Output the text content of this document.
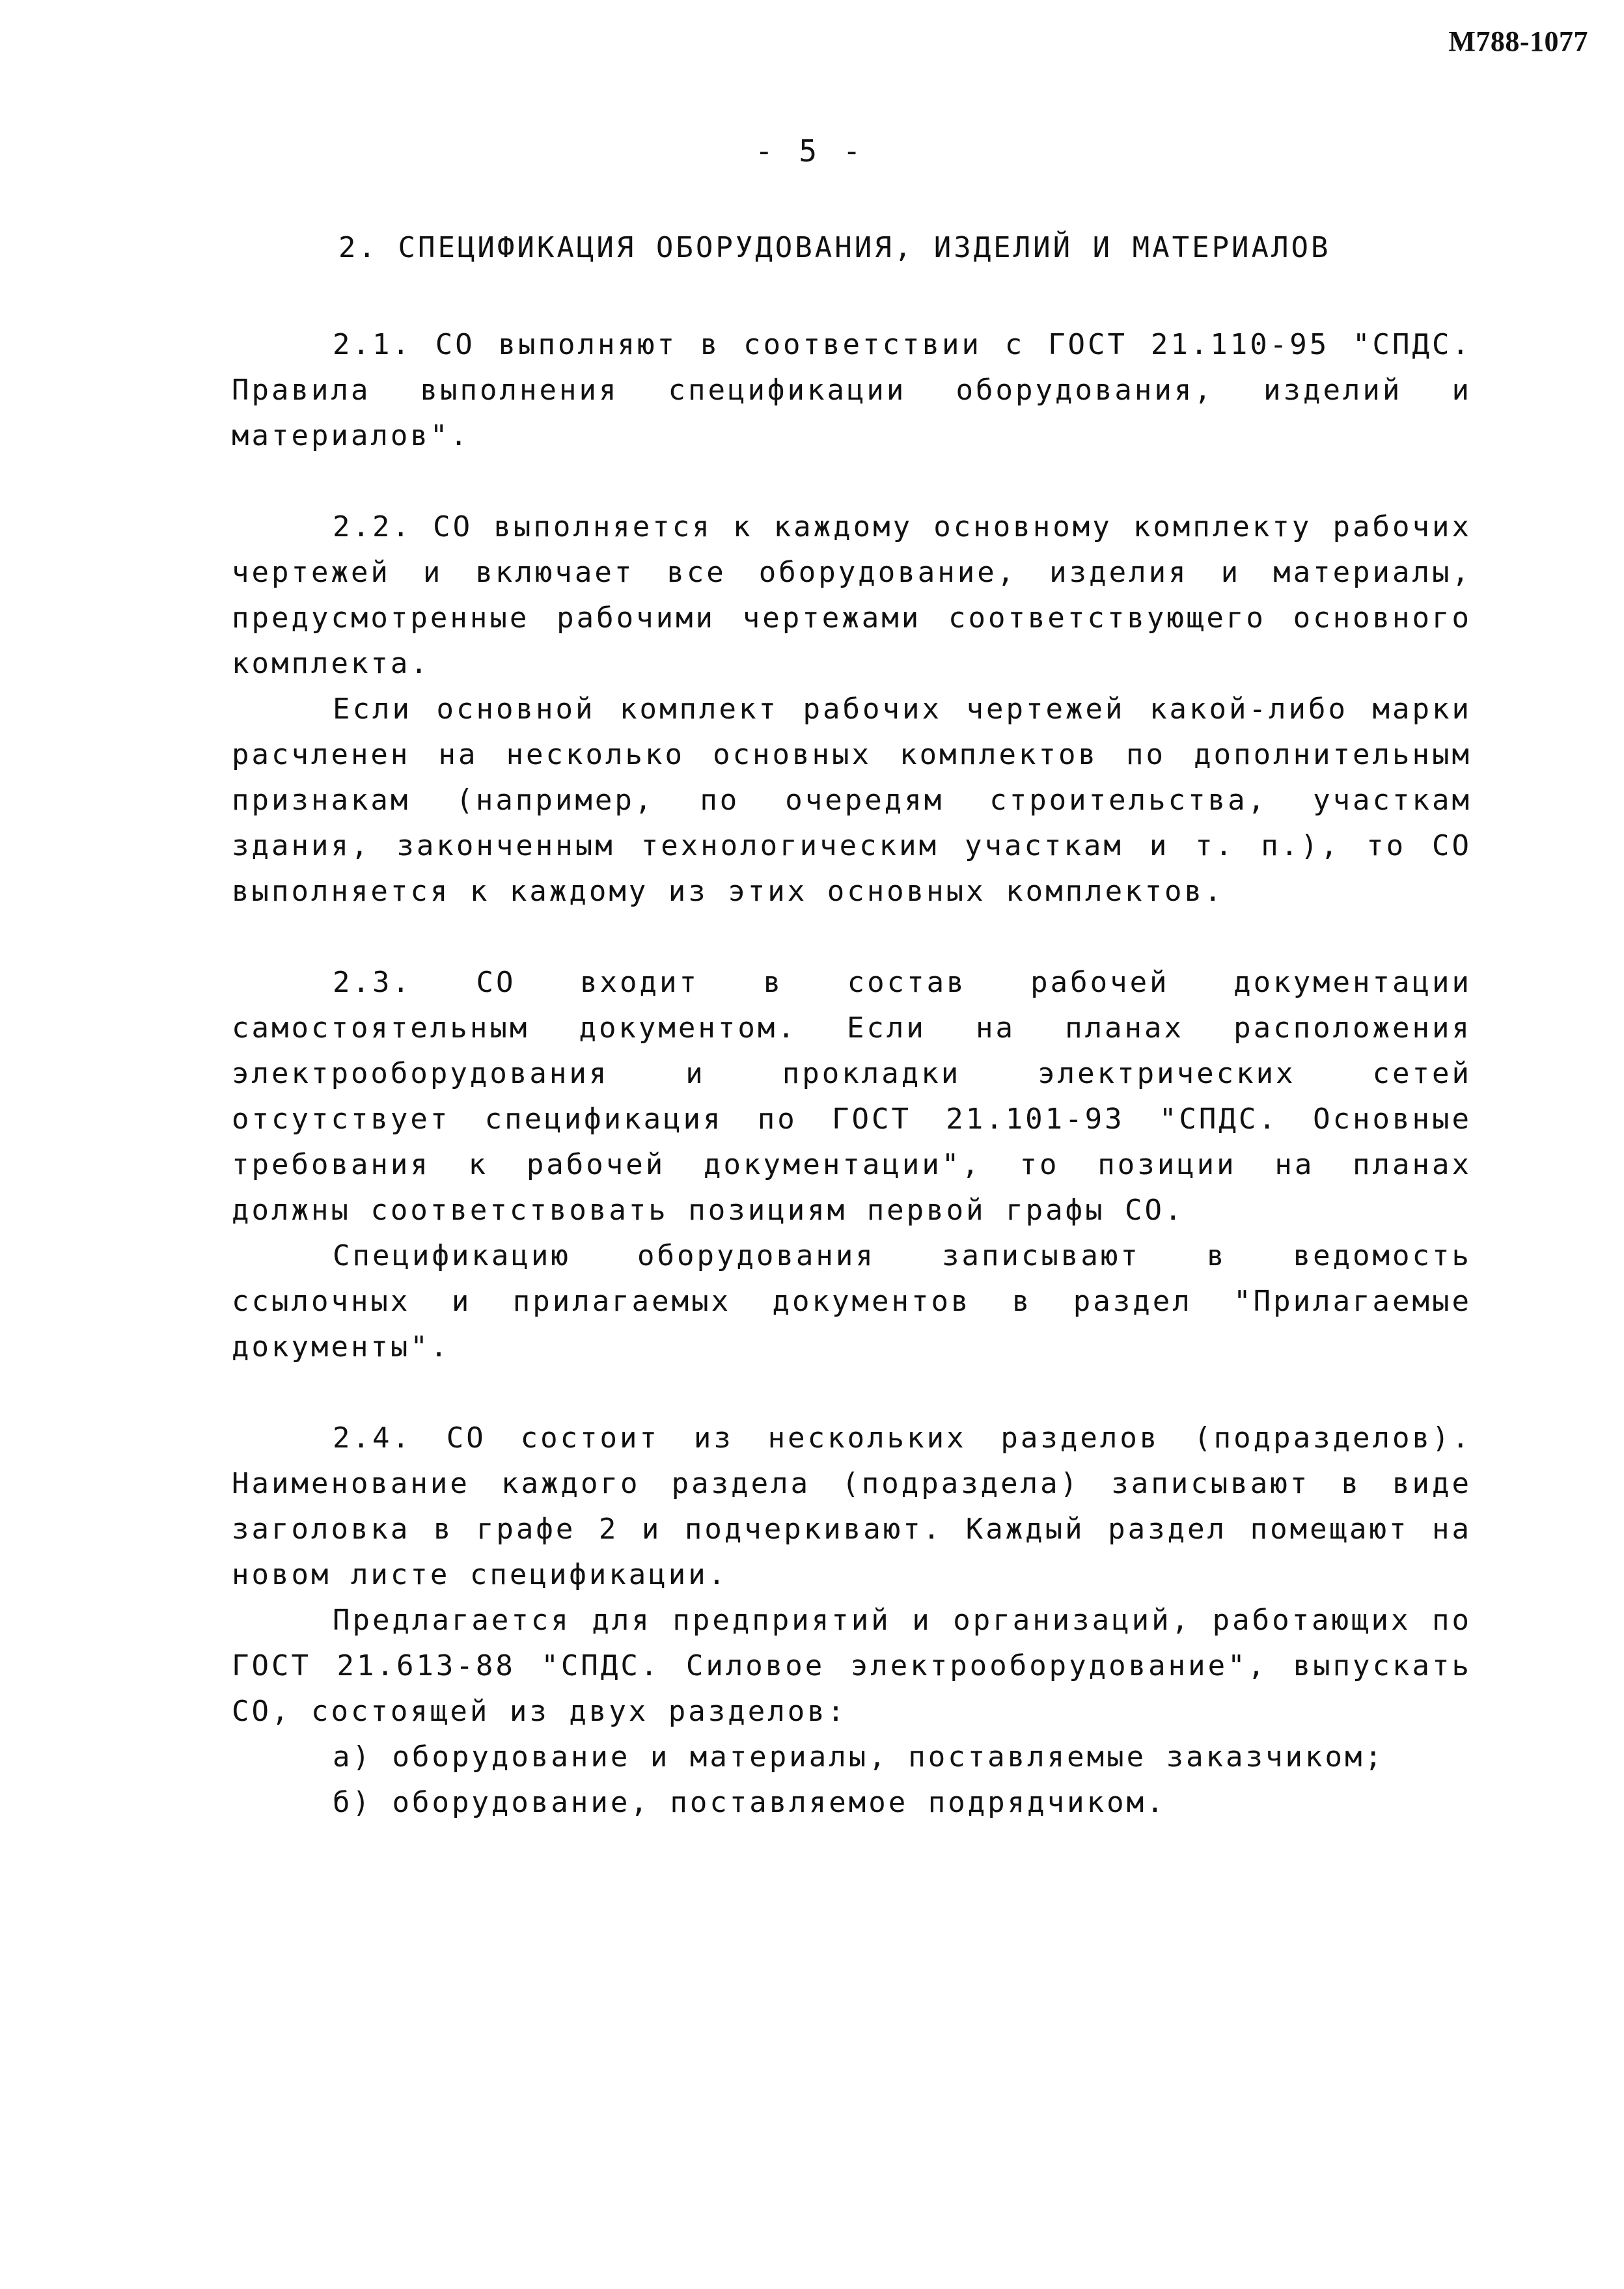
М788-1077
- 5 -
2. СПЕЦИФИКАЦИЯ ОБОРУДОВАНИЯ, ИЗДЕЛИЙ И МАТЕРИАЛОВ

2.1. СО выполняют в соответствии с ГОСТ 21.110-95 "СПДС. Правила выполнения спецификации оборудования, изделий и материалов".

2.2. СО выполняется к каждому основному комплекту рабочих чертежей и включает все оборудование, изделия и материалы, предусмотренные рабочими чертежами соответствующего основного комплекта.

Если основной комплект рабочих чертежей какой-либо марки расчленен на несколько основных комплектов по дополнительным признакам (например, по очередям строительства, участкам здания, законченным технологическим участкам и т. п.), то СО выполняется к каждому из этих основных комплектов.

2.3. СО входит в состав рабочей документации самостоятельным документом. Если на планах расположения электрооборудования и прокладки электрических сетей отсутствует спецификация по ГОСТ 21.101-93 "СПДС. Основные требования к рабочей документации", то позиции на планах должны соответствовать позициям первой графы СО.

Спецификацию оборудования записывают в ведомость ссылочных и прилагаемых документов в раздел "Прилагаемые документы".

2.4. СО состоит из нескольких разделов (подразделов). Наименование каждого раздела (подраздела) записывают в виде заголовка в графе 2 и подчеркивают. Каждый раздел помещают на новом листе спецификации.

Предлагается для предприятий и организаций, работающих по ГОСТ 21.613-88 "СПДС. Силовое электрооборудование", выпускать СО, состоящей из двух разделов:

а) оборудование и материалы, поставляемые заказчиком;

б) оборудование, поставляемое подрядчиком.
